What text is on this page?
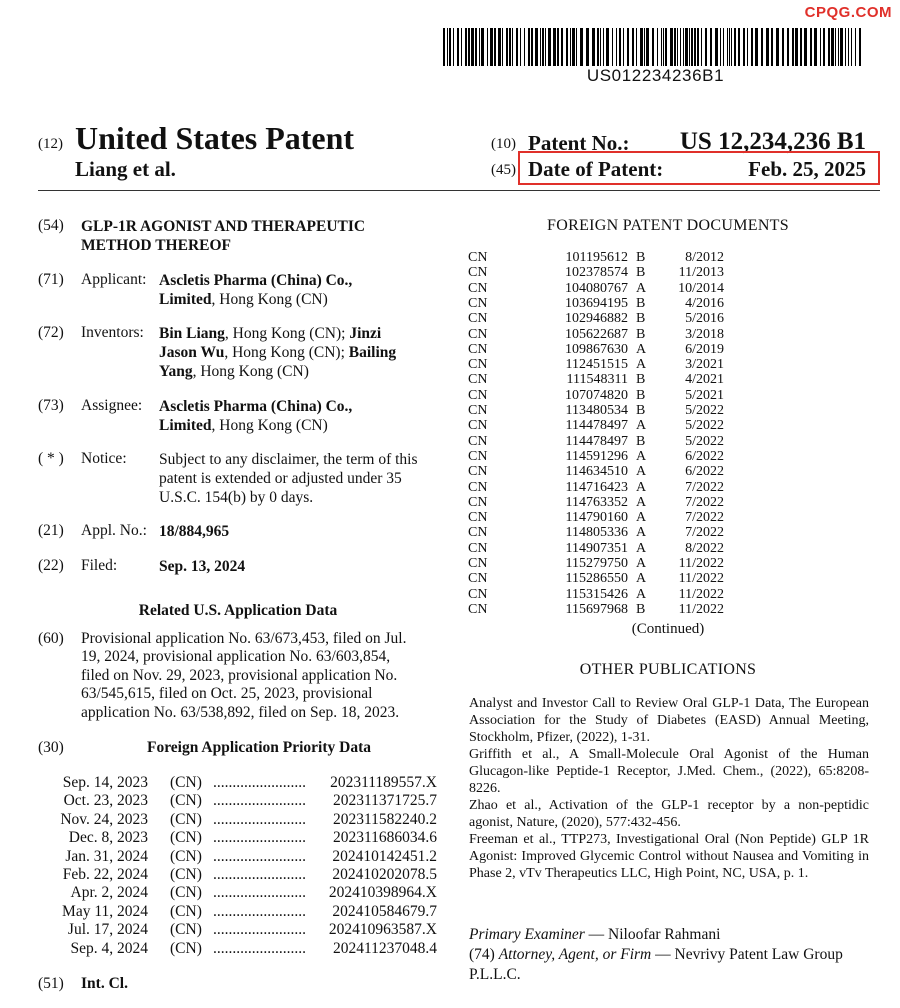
CPQG.COM
US012234236B1
(12) United States Patent
Liang et al.
(10) Patent No.: US 12,234,236 B1
(45) Date of Patent:	Feb. 25, 2025
(54) GLP-1R AGONIST AND THERAPEUTIC
METHOD THEREOF
(71) Applicant: Ascletis Pharma (China) Co.,
Limited, Hong Kong (CN)
(72) Inventors: Bin Liang, Hong Kong (CN); Jinzi
Jason Wu, Hong Kong (CN); Bailing
Yang, Hong Kong (CN)
(73) Assignee: Ascletis Pharma (China) Co.,
Limited, Hong Kong (CN)
( * ) Notice: Subject to any disclaimer, the term of this
patent is extended or adjusted under 35
U.S.C. 154(b) by 0 days.
(21) Appl. No.: 18/884,965
(22) Filed:	Sep. 13, 2024
Related U.S. Application Data
(60) Provisional application No. 63/673,453, filed on Jul.
19, 2024, provisional application No. 63/603,854,
filed on Nov. 29, 2023, provisional application No.
63/545,615, filed on Oct. 25, 2023, provisional
application No. 63/538,892, filed on Sep. 18, 2023.
(30)	Foreign Application Priority Data
Sep. 14, 2023 (CN) ........................ 202311189557.X
Oct. 23, 2023 (CN) ........................ 202311371725.7
Nov. 24, 2023 (CN) ........................ 202311582240.2
Dec. 8, 2023 (CN) ........................ 202311686034.6
Jan. 31, 2024 (CN) ........................ 202410142451.2
Feb. 22, 2024 (CN) ........................ 202410202078.5
Apr. 2, 2024 (CN) ........................ 202410398964.X
May 11, 2024 (CN) ........................ 202410584679.7
Jul. 17, 2024 (CN) ........................ 202410963587.X
Sep. 4, 2024 (CN) ........................ 202411237048.4
(51) Int. Cl.
FOREIGN PATENT DOCUMENTS
CN	101195612 B	8/2012
CN	102378574 B 11/2013
CN	104080767 A 10/2014
CN	103694195 B	4/2016
CN	102946882 B	5/2016
CN	105622687 B	3/2018
CN	109867630 A	6/2019
CN	112451515 A	3/2021
CN	111548311 B	4/2021
CN	107074820 B	5/2021
CN	113480534 B	5/2022
CN	114478497 A	5/2022
CN	114478497 B	5/2022
CN	114591296 A	6/2022
CN	114634510 A	6/2022
CN	114716423 A	7/2022
CN	114763352 A	7/2022
CN	114790160 A	7/2022
CN	114805336 A	7/2022
CN	114907351 A	8/2022
CN	115279750 A 11/2022
CN	115286550 A 11/2022
CN	115315426 A 11/2022
CN	115697968 B 11/2022
(Continued)
OTHER PUBLICATIONS

Analyst and Investor Call to Review Oral GLP-1 Data, The European Association for the Study of Diabetes (EASD) Annual Meeting, Stockholm, Pfizer, (2022), 1-31.

Griffith et al., A Small-Molecule Oral Agonist of the Human Glucagon-like Peptide-1 Receptor, J.Med. Chem., (2022), 65:8208-8226.

Zhao et al., Activation of the GLP-1 receptor by a non-peptidic agonist, Nature, (2020), 577:432-456.

Freeman et al., TTP273, Investigational Oral (Non Peptide) GLP 1R Agonist: Improved Glycemic Control without Nausea and Vomiting in Phase 2, vTv Therapeutics LLC, High Point, NC, USA, p. 1.

Primary Examiner — Niloofar Rahmani
(74) Attorney, Agent, or Firm — Nevrivy Patent Law Group P.L.L.C.
